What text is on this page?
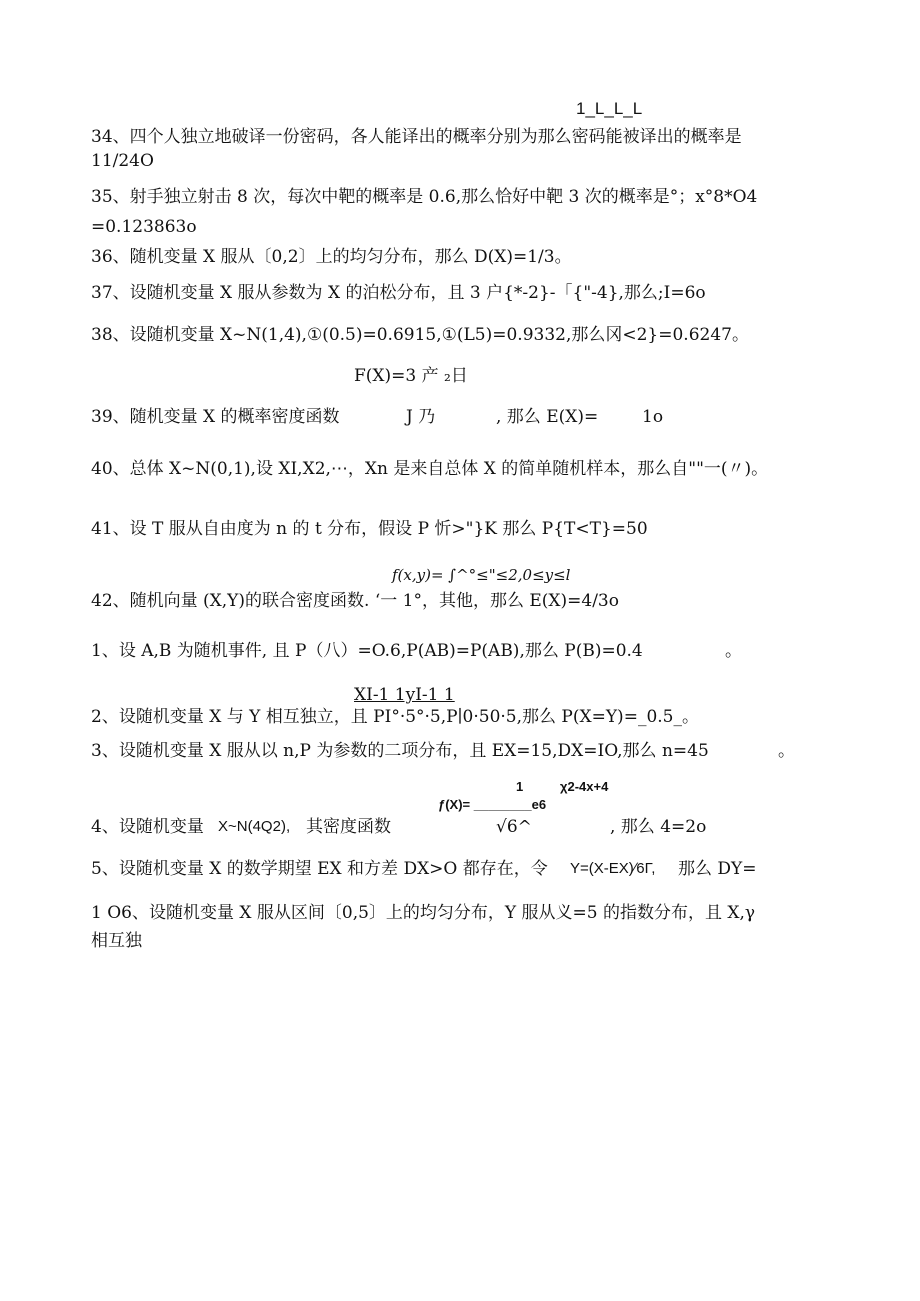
1_L_L_L
34、四个人独立地破译一份密码，各人能译出的概率分别为那么密码能被译出的概率是
11/24O
35、射手独立射击 8 次，每次中靶的概率是 0.6,那么恰好中靶 3 次的概率是°；x°8*O4
=0.123863o
36、随机变量 X 服从〔0,2〕上的均匀分布，那么 D(X)=1/3。
37、设随机变量 X 服从参数为 X 的泊松分布，且 3 户{*-2}-「{"-4},那么;I=6o
38、设随机变量 X~N(1,4),①(0.5)=0.6915,①(L5)=0.9332,那么冈<2}=0.6247。
F(X)=3 产 ₂日
39、随机变量 X 的概率密度函数	J 乃	, 那么 E(X)=	1o
40、总体 X~N(0,1),设 XI,X2,⋯，Xn 是来自总体 X 的简单随机样本，那么自""一(〃)。
41、设 T 服从自由度为 n 的 t 分布，假设 P 忻>"}K 那么 P{T<T}=50
f(x,y)= ∫^°≤"≤2,0≤y≤l
42、随机向量 (X,Y)的联合密度函数. ‘一 1°，其他，那么 E(X)=4/3o
1、设 A,B 为随机事件, 且 P（八）=O.6,P(AB)=P(AB),那么 P(B)=0.4	。
XI-1 1yI-1 1
2、设随机变量 X 与 Y 相互独立，且 PI°·5°·5,P∣0·50·5,那么 P(X=Y)=_0.5_。
3、设随机变量 X 服从以 n,P 为参数的二项分布，且 EX=15,DX=IO,那么 n=45	。
1	χ2-4x+4
ƒ(X)= ________e6
4、设随机变量 X~N(4Q2), 其密度函数	√6^	, 那么 4=2o
5、设随机变量 X 的数学期望 EX 和方差 DX>O 都存在，令 Y=(X-EX)∕6Γ, 那么 DY=
1 O6、设随机变量 X 服从区间〔0,5〕上的均匀分布，Y 服从义=5 的指数分布，且 X,γ
相互独
